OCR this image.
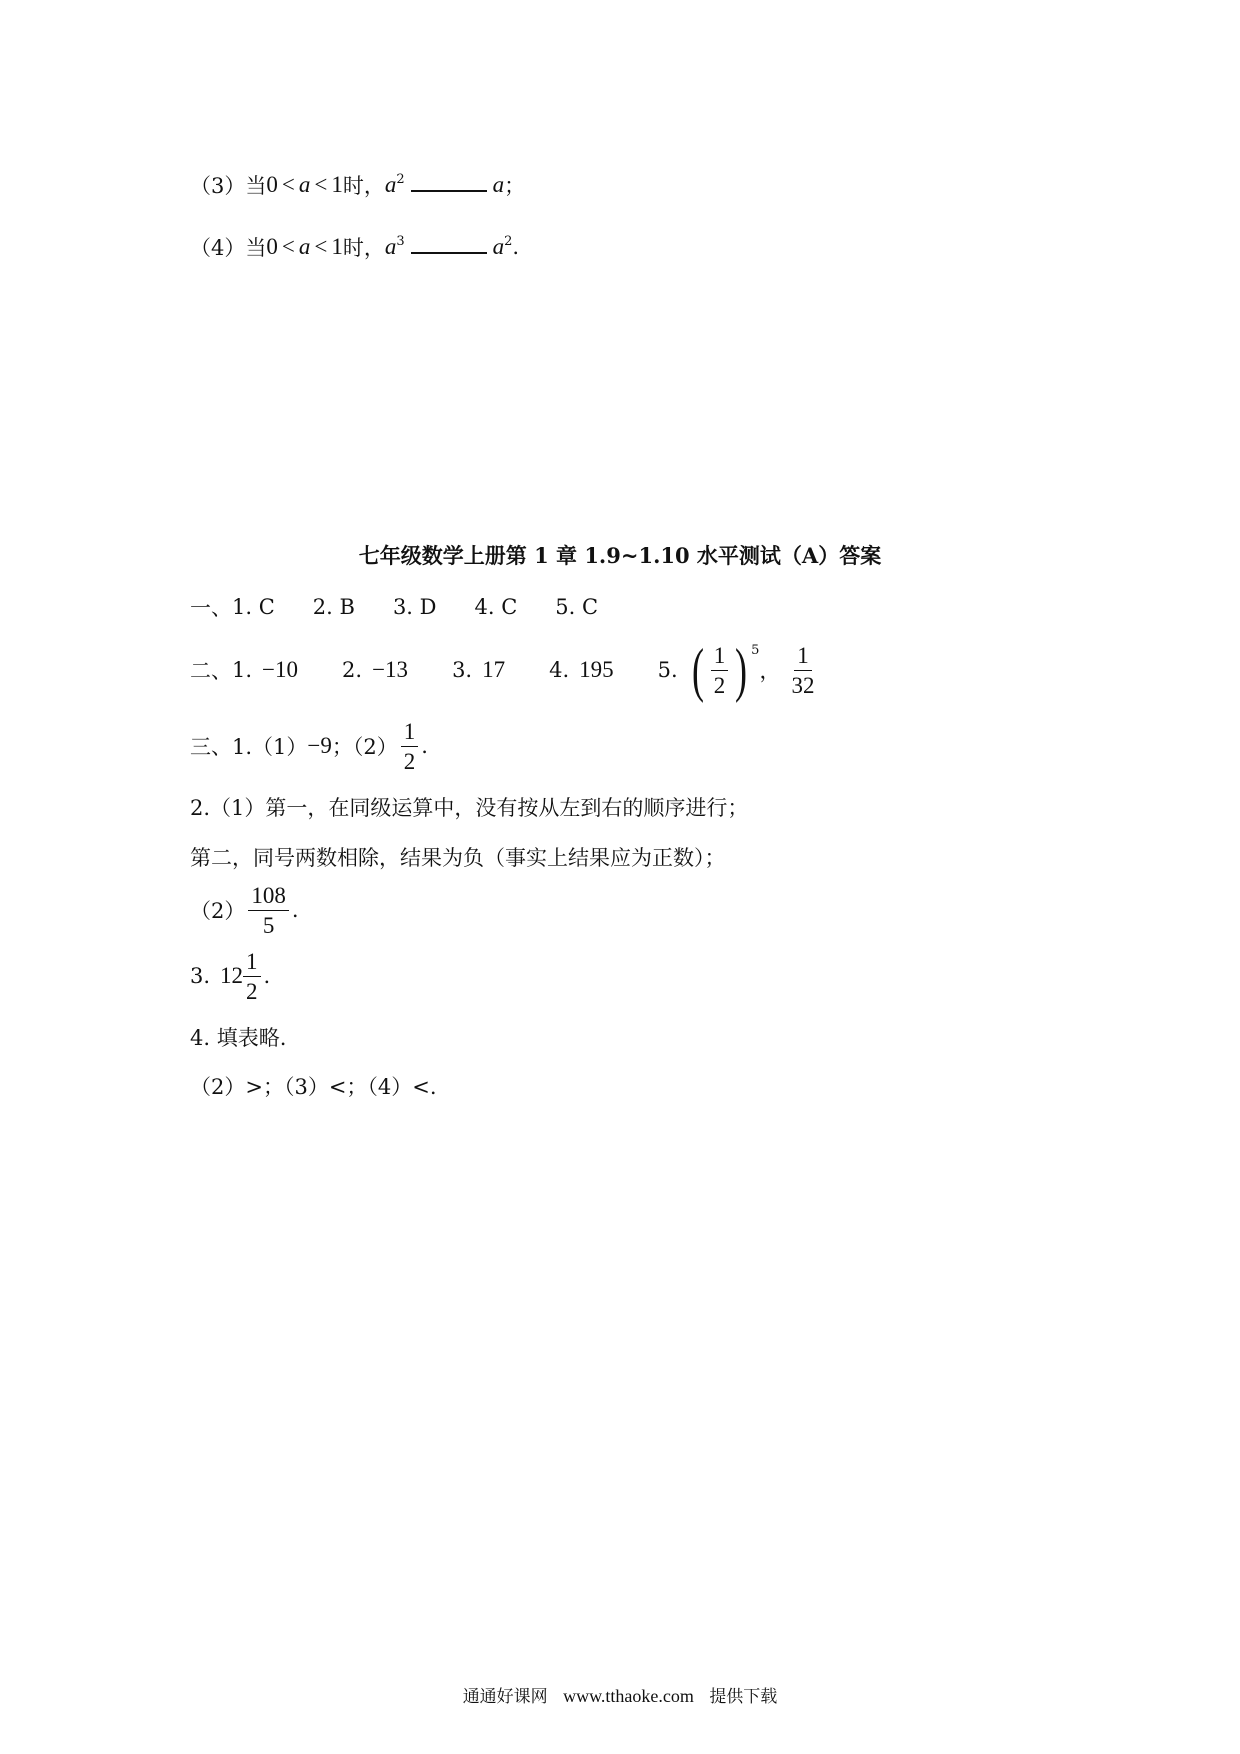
（3）当 0 < a < 1 时， $a^2$	a ；
（4）当 0 < a < 1 时， $a^3$	$a^2$ .
七年级数学上册第 1 章 1.9~1.10 水平测试（A）答案
一、 1. C 2. B 3. D 4. C 5. C
二、 1. −10 2. −13 3. 17 4. 195 5. ( $\frac{1}{2}$ ) $^5$
， $\frac{1}{32}$
三、1.（1） −9 ；$(2) \frac{1}{2}$ .
2.（1）第一，在同级运算中，没有按从左到右的顺序进行；
第二，同号两数相除，结果为负（事实上结果应为正数）；
$(2) \frac{108}{5}$ .
3. $12 \frac{1}{2}$ .
4. 填表略.
（2）>；（3）<；（4）<.
通通好课网 www.tthaoke.com 提供下载
